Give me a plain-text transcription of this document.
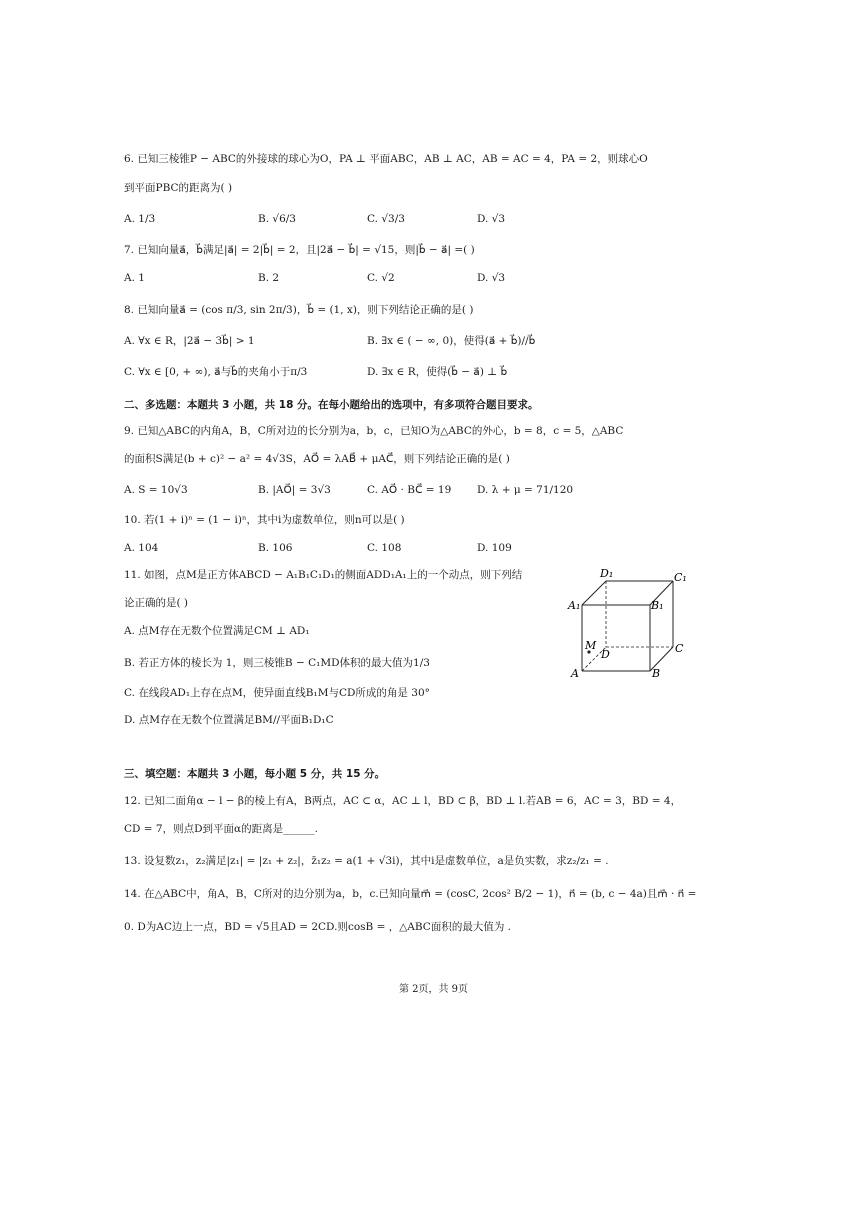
6. 已知三棱锥P − ABC的外接球的球心为O，PA ⊥ 平面ABC，AB ⊥ AC，AB = AC = 4，PA = 2，则球心O
到平面PBC的距离为( )
A. 1/3	B. √6/3	C. √3/3	D. √3
7. 已知向量a⃗，b⃗满足|a⃗| = 2|b⃗| = 2，且|2a⃗ − b⃗| = √15，则|b⃗ − a⃗| =( )
A. 1	B. 2	C. √2	D. √3
8. 已知向量a⃗ = (cos π/3, sin 2π/3)，b⃗ = (1, x)，则下列结论正确的是( )
A. ∀x ∈ R，|2a⃗ − 3b⃗| > 1	B. ∃x ∈ ( − ∞, 0)，使得(a⃗ + b⃗)//b⃗
C. ∀x ∈ [0, + ∞), a⃗与b⃗的夹角小于π/3	D. ∃x ∈ R，使得(b⃗ − a⃗) ⊥ b⃗
二、多选题：本题共 3 小题，共 18 分。在每小题给出的选项中，有多项符合题目要求。
9. 已知△ABC的内角A，B，C所对边的长分别为a，b，c，已知O为△ABC的外心，b = 8，c = 5，△ABC
的面积S满足(b + c)² − a² = 4√3S，AO⃗ = λAB⃗ + μAC⃗，则下列结论正确的是( )
A. S = 10√3	B. |AO⃗| = 3√3	C. AO⃗ · BC⃗ = 19 D. λ + μ = 71/120
10. 若(1 + i)ⁿ = (1 − i)ⁿ，其中i为虚数单位，则n可以是( )
A. 104	B. 106	C. 108	D. 109
11. 如图，点M是正方体ABCD − A₁B₁C₁D₁的侧面ADD₁A₁上的一个动点，则下列结
论正确的是( )
A. 点M存在无数个位置满足CM ⊥ AD₁
B. 若正方体的棱长为 1，则三棱锥B − C₁MD体积的最大值为1/3
C. 在线段AD₁上存在点M，使异面直线B₁M与CD所成的角是 30°
D. 点M存在无数个位置满足BM//平面B₁D₁C
D₁	C₁
A₁	B₁
M
D	C
A	B
三、填空题：本题共 3 小题，每小题 5 分，共 15 分。
12. 已知二面角α − l − β的棱上有A，B两点，AC ⊂ α，AC ⊥ l，BD ⊂ β，BD ⊥ l.若AB = 6，AC = 3，BD = 4，
CD = 7，则点D到平面α的距离是______.
13. 设复数z₁，z₂满足|z₁| = |z₁ + z₂|，z̄₁z₂ = a(1 + √3i)，其中i是虚数单位，a是负实数，求z₂/z₁ = .
14. 在△ABC中，角A，B，C所对的边分别为a，b，c.已知向量m⃗ = (cosC, 2cos² B/2 − 1)，n⃗ = (b, c − 4a)且m⃗ · n⃗ =
0. D为AC边上一点，BD = √5且AD = 2CD.则cosB = ，△ABC面积的最大值为 .
第 2页，共 9页
